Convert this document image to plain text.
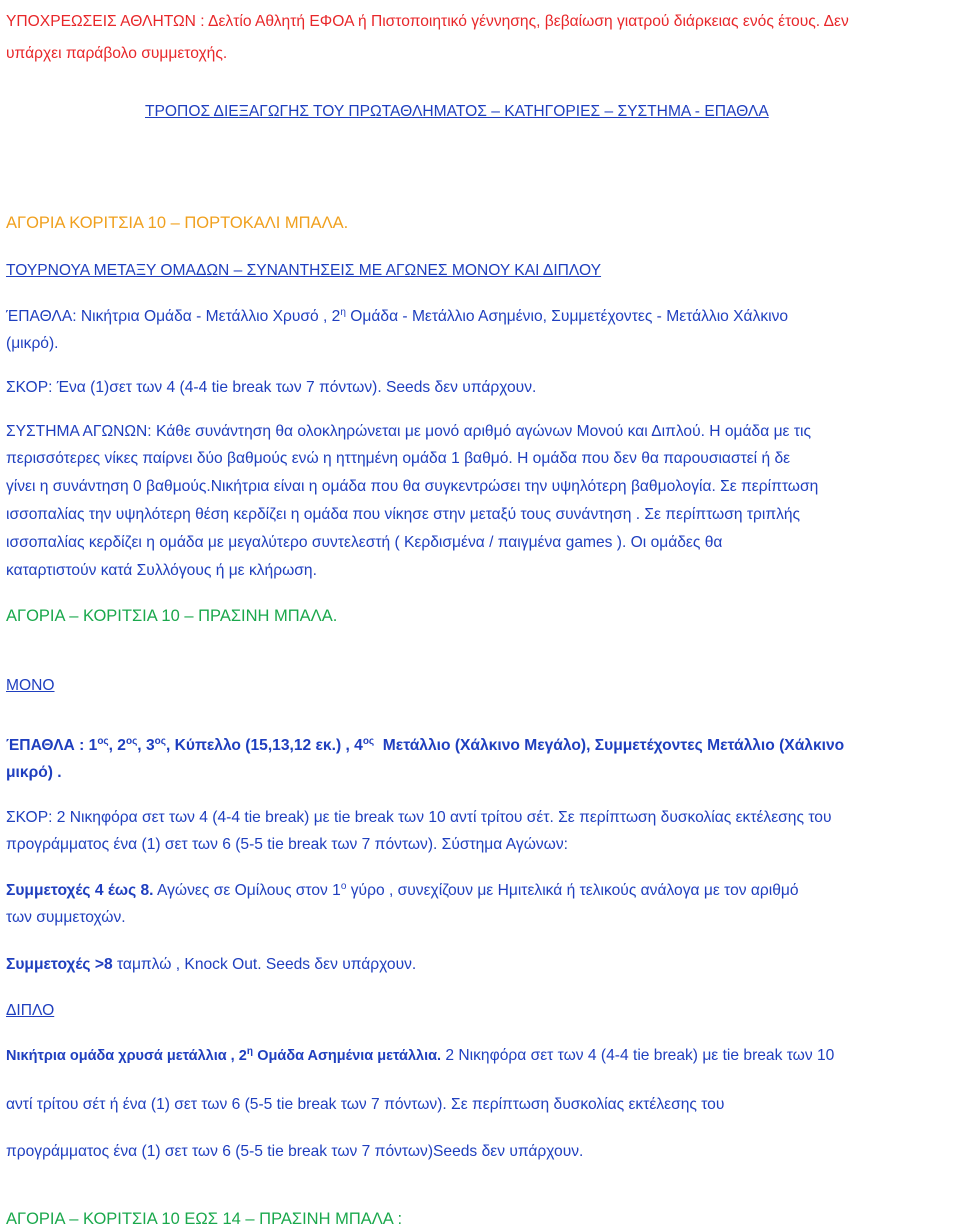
ΥΠΟΧΡΕΩΣΕΙΣ ΑΘΛΗΤΩΝ : Δελτίο Αθλητή ΕΦΟΑ ή Πιστοποιητικό γέννησης, βεβαίωση γιατρού διάρκειας ενός έτους. Δεν
υπάρχει παράβολο συμμετοχής.
ΤΡΟΠΟΣ ΔΙΕΞΑΓΩΓΗΣ ΤΟΥ ΠΡΩΤΑΘΛΗΜΑΤΟΣ – ΚΑΤΗΓΟΡΙΕΣ – ΣΥΣΤΗΜΑ - ΕΠΑΘΛΑ
ΑΓΟΡΙΑ ΚΟΡΙΤΣΙΑ 10 – ΠΟΡΤΟΚΑΛΙ ΜΠΑΛΑ.
ΤΟΥΡΝΟΥΑ ΜΕΤΑΞΥ ΟΜΑΔΩΝ – ΣΥΝΑΝΤΗΣΕΙΣ ΜΕ ΑΓΩΝΕΣ ΜΟΝΟΥ ΚΑΙ ΔΙΠΛΟΥ
ΈΠΑΘΛΑ: Νικήτρια Ομάδα - Μετάλλιο Χρυσό , $2^\eta$ Ομάδα - Μετάλλιο Ασημένιο, Συμμετέχοντες - Μετάλλιο Χάλκινο
(μικρό).
ΣΚΟΡ: Ένα (1)σετ των 4 (4-4 tie break των 7 πόντων). Seeds δεν υπάρχουν.
ΣΥΣΤΗΜΑ ΑΓΩΝΩΝ: Κάθε συνάντηση θα ολοκληρώνεται με μονό αριθμό αγώνων Μονού και Διπλού. Η ομάδα με τις
περισσότερες νίκες παίρνει δύο βαθμούς ενώ η ηττημένη ομάδα 1 βαθμό. Η ομάδα που δεν θα παρουσιαστεί ή δε
γίνει η συνάντηση 0 βαθμούς.Νικήτρια είναι η ομάδα που θα συγκεντρώσει την υψηλότερη βαθμολογία. Σε περίπτωση
ισσοπαλίας την υψηλότερη θέση κερδίζει η ομάδα που νίκησε στην μεταξύ τους συνάντηση . Σε περίπτωση τριπλής
ισσοπαλίας κερδίζει η ομάδα με μεγαλύτερο συντελεστή ( Κερδισμένα / παιγμένα games ). Οι ομάδες θα
καταρτιστούν κατά Συλλόγους ή με κλήρωση.
ΑΓΟΡΙΑ – ΚΟΡΙΤΣΙΑ 10 – ΠΡΑΣΙΝΗ ΜΠΑΛΑ.
ΜΟΝΟ
ΈΠΑΘΛΑ : $1^{o\varsigma}$, $2^{o\varsigma}$, $3^{o\varsigma}$, Κύπελλο (15,13,12 εκ.) , $4^{o\varsigma}$ Μετάλλιο (Χάλκινο Μεγάλο), Συμμετέχοντες Μετάλλιο (Χάλκινο
μικρό) .
ΣΚΟΡ: 2 Νικηφόρα σετ των 4 (4-4 tie break) με tie break των 10 αντί τρίτου σέτ. Σε περίπτωση δυσκολίας εκτέλεσης του
προγράμματος ένα (1) σετ των 6 (5-5 tie break των 7 πόντων). Σύστημα Αγώνων:
Συμμετοχές 4 έως 8. Αγώνες σε Ομίλους στον $1^o$ γύρο , συνεχίζουν με Ημιτελικά ή τελικούς ανάλογα με τον αριθμό
των συμμετοχών.
Συμμετοχές >8 ταμπλώ , Knock Out. Seeds δεν υπάρχουν.
ΔΙΠΛΟ
Νικήτρια ομάδα χρυσά μετάλλια , $2^\eta$ Ομάδα Ασημένια μετάλλια. 2 Νικηφόρα σετ των 4 (4-4 tie break) με tie break των 10
αντί τρίτου σέτ ή ένα (1) σετ των 6 (5-5 tie break των 7 πόντων). Σε περίπτωση δυσκολίας εκτέλεσης του
προγράμματος ένα (1) σετ των 6 (5-5 tie break των 7 πόντων)Seeds δεν υπάρχουν.
ΑΓΟΡΙΑ – ΚΟΡΙΤΣΙΑ 10 ΕΩΣ 14 – ΠΡΑΣΙΝΗ ΜΠΑΛΑ :
